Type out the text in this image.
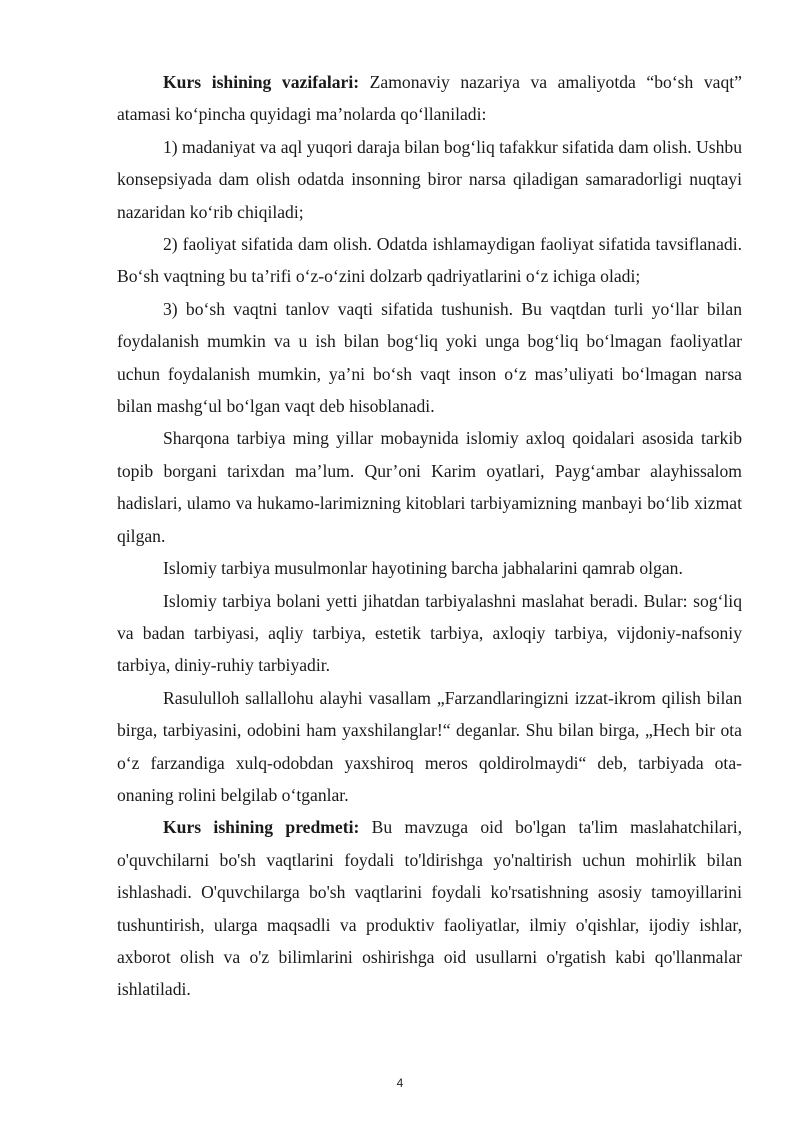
Kurs ishining vazifalari: Zamonaviy nazariya va amaliyotda “bo‘sh vaqt” atamasi ko‘pincha quyidagi ma’nolarda qo‘llaniladi:

1) madaniyat va aql yuqori daraja bilan bog‘liq tafakkur sifatida dam olish. Ushbu konsepsiyada dam olish odatda insonning biror narsa qiladigan samaradorligi nuqtayi nazaridan ko‘rib chiqiladi;

2) faoliyat sifatida dam olish. Odatda ishlamaydigan faoliyat sifatida tavsiflanadi. Bo‘sh vaqtning bu ta’rifi o‘z-o‘zini dolzarb qadriyatlarini o‘z ichiga oladi;

3) bo‘sh vaqtni tanlov vaqti sifatida tushunish. Bu vaqtdan turli yo‘llar bilan foydalanish mumkin va u ish bilan bog‘liq yoki unga bog‘liq bo‘lmagan faoliyatlar uchun foydalanish mumkin, ya’ni bo‘sh vaqt inson o‘z mas’uliyati bo‘lmagan narsa bilan mashg‘ul bo‘lgan vaqt deb hisoblanadi.

Sharqona tarbiya ming yillar mobaynida islomiy axloq qoidalari asosida tarkib topib borgani tarixdan ma’lum. Qur’oni Karim oyatlari, Payg‘ambar alayhissalom hadislari, ulamo va hukamo-larimizning kitoblari tarbiyamizning manbayi bo‘lib xizmat qilgan.

Islomiy tarbiya musulmonlar hayotining barcha jabhalarini qamrab olgan.

Islomiy tarbiya bolani yetti jihatdan tarbiyalashni maslahat beradi. Bular: sog‘liq va badan tarbiyasi, aqliy tarbiya, estetik tarbiya, axloqiy tarbiya, vijdoniy-nafsoniy tarbiya, diniy-ruhiy tarbiyadir.

Rasululloh sallallohu alayhi vasallam „Farzandlaringizni izzat-ikrom qilish bilan birga, tarbiyasini, odobini ham yaxshilanglar!“ deganlar. Shu bilan birga, „Hech bir ota o‘z farzandiga xulq-odobdan yaxshiroq meros qoldirolmaydi“ deb, tarbiyada ota-onaning rolini belgilab o‘tganlar.

Kurs ishining predmeti: Bu mavzuga oid bo'lgan ta'lim maslahatchilari, o'quvchilarni bo'sh vaqtlarini foydali to'ldirishga yo'naltirish uchun mohirlik bilan ishlashadi. O'quvchilarga bo'sh vaqtlarini foydali ko'rsatishning asosiy tamoyillarini tushuntirish, ularga maqsadli va produktiv faoliyatlar, ilmiy o'qishlar, ijodiy ishlar, axborot olish va o'z bilimlarini oshirishga oid usullarni o'rgatish kabi qo'llanmalar ishlatiladi.

4
